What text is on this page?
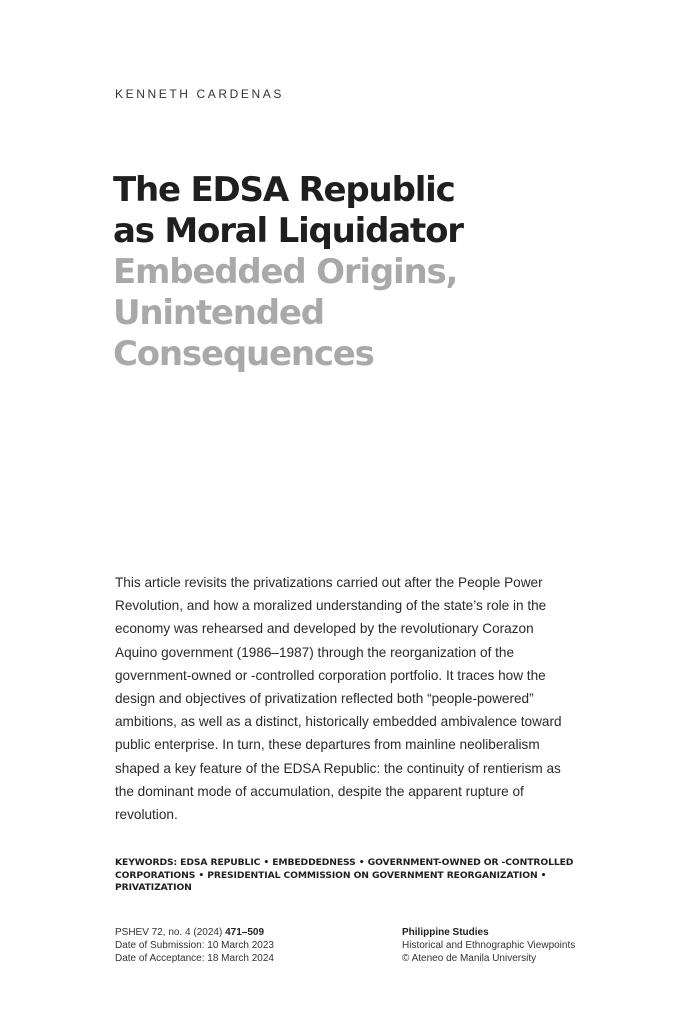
KENNETH CARDENAS
The EDSA Republic
as Moral Liquidator
Embedded Origins,
Unintended
Consequences

This article revisits the privatizations carried out after the People Power Revolution, and how a moralized understanding of the state’s role in the economy was rehearsed and developed by the revolutionary Corazon Aquino government (1986–1987) through the reorganization of the government-owned or -controlled corporation portfolio. It traces how the design and objectives of privatization reflected both “people-powered” ambitions, as well as a distinct, historically embedded ambivalence toward public enterprise. In turn, these departures from mainline neoliberalism shaped a key feature of the EDSA Republic: the continuity of rentierism as the dominant mode of accumulation, despite the apparent rupture of revolution.

KEYWORDS: EDSA REPUBLIC • EMBEDDEDNESS • GOVERNMENT-OWNED OR -CONTROLLED CORPORATIONS • PRESIDENTIAL COMMISSION ON GOVERNMENT REORGANIZATION • PRIVATIZATION

PSHEV 72, no. 4 (2024) 471–509
Date of Submission: 10 March 2023
Date of Acceptance: 18 March 2024
Philippine Studies
Historical and Ethnographic Viewpoints
© Ateneo de Manila University
